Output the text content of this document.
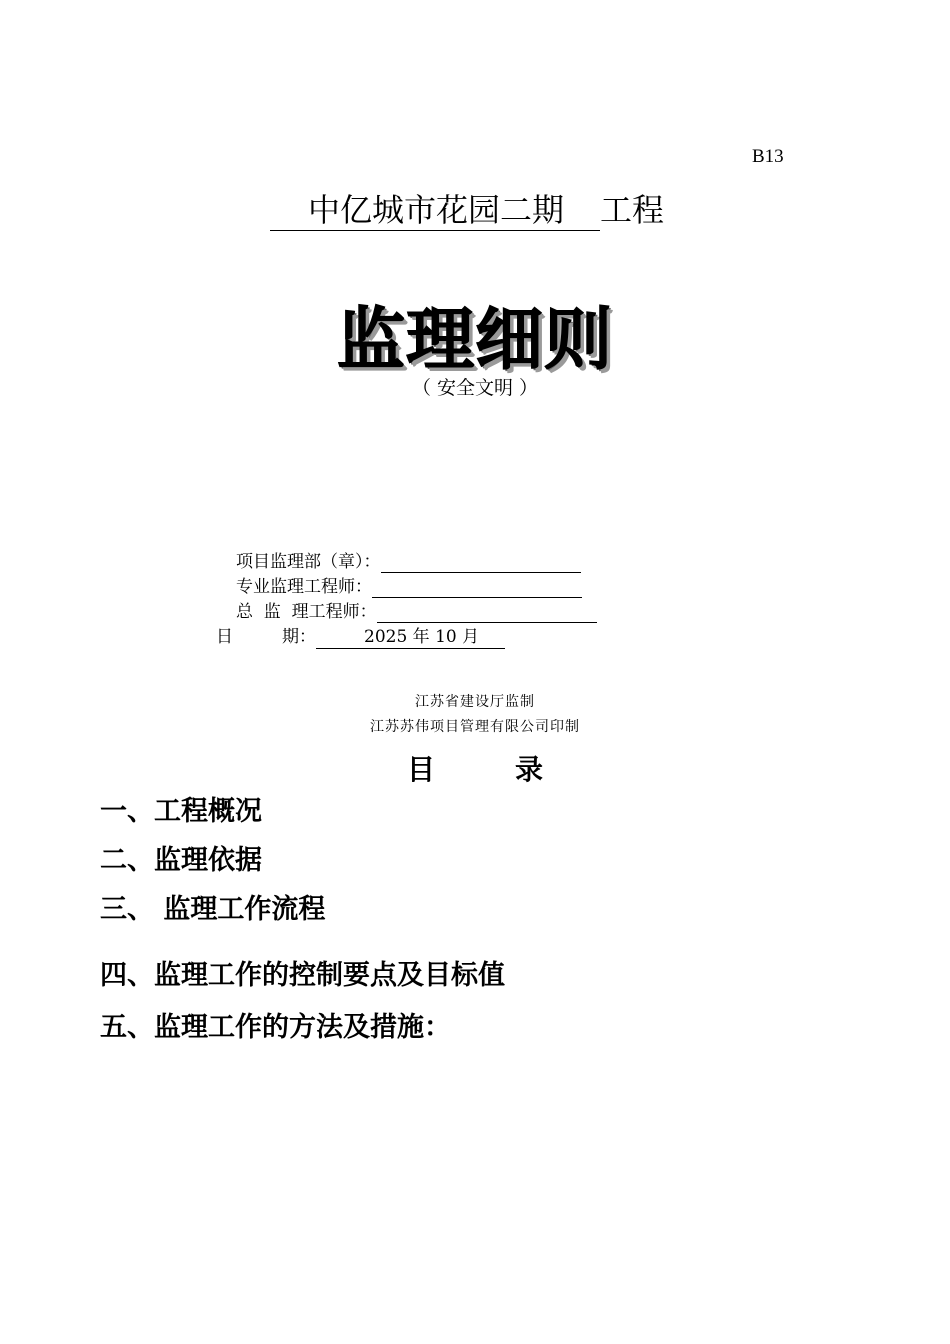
B13
中亿城市花园二期 工程
监理细则
（ 安全文明 ）
项目监理部（章）：
专业监理工程师：
总  监  理工程师：
日	期：	2025 年 10 月
江苏省建设厅监制
江苏苏伟项目管理有限公司印制
目	录
一、工程概况
二、监理依据
三、 监理工作流程
四、监理工作的控制要点及目标值
五、监理工作的方法及措施：
